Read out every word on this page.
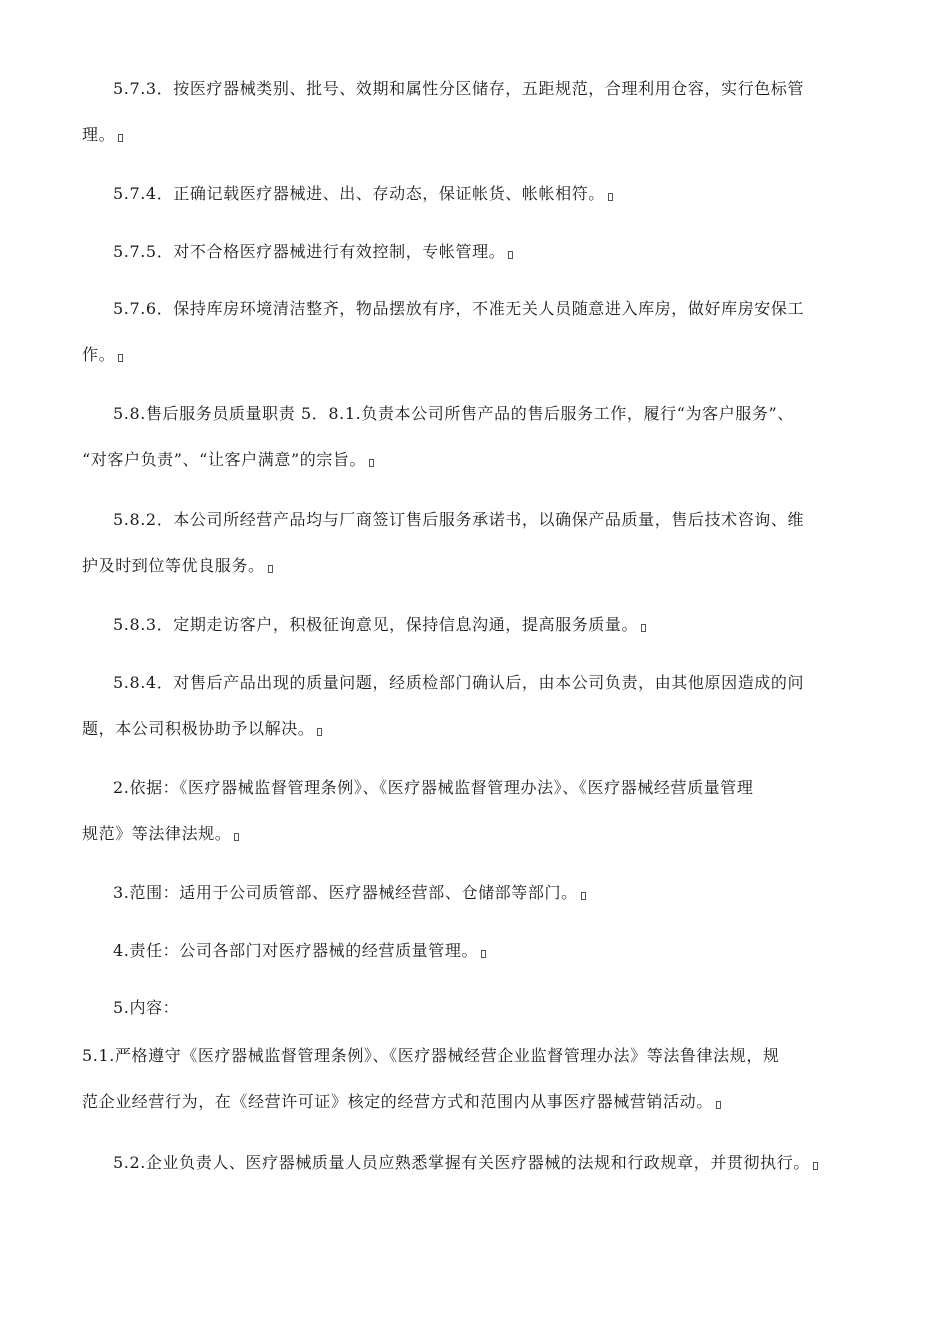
5.7.3．按医疗器械类别、批号、效期和属性分区储存，五距规范，合理利用仓容，实行色标管
理。
5.7.4．正确记载医疗器械进、出、存动态，保证帐货、帐帐相符。
5.7.5．对不合格医疗器械进行有效控制，专帐管理。
5.7.6．保持库房环境清洁整齐，物品摆放有序，不准无关人员随意进入库房，做好库房安保工
作。
5.8.售后服务员质量职责 5．8.1.负责本公司所售产品的售后服务工作，履行“为客户服务”、
“对客户负责”、“让客户满意”的宗旨。
5.8.2．本公司所经营产品均与厂商签订售后服务承诺书，以确保产品质量，售后技术咨询、维
护及时到位等优良服务。
5.8.3．定期走访客户，积极征询意见，保持信息沟通，提高服务质量。
5.8.4．对售后产品出现的质量问题，经质检部门确认后，由本公司负责，由其他原因造成的问
题，本公司积极协助予以解决。
2.依据：《医疗器械监督管理条例》、《医疗器械监督管理办法》、《医疗器械经营质量管理
规范》等法律法规。
3.范围：适用于公司质管部、医疗器械经营部、仓储部等部门。
4.责任：公司各部门对医疗器械的经营质量管理。
5.内容：
5.1.严格遵守《医疗器械监督管理条例》、《医疗器械经营企业监督管理办法》等法鲁律法规，规
范企业经营行为，在《经营许可证》核定的经营方式和范围内从事医疗器械营销活动。
5.2.企业负责人、医疗器械质量人员应熟悉掌握有关医疗器械的法规和行政规章，并贯彻执行。
